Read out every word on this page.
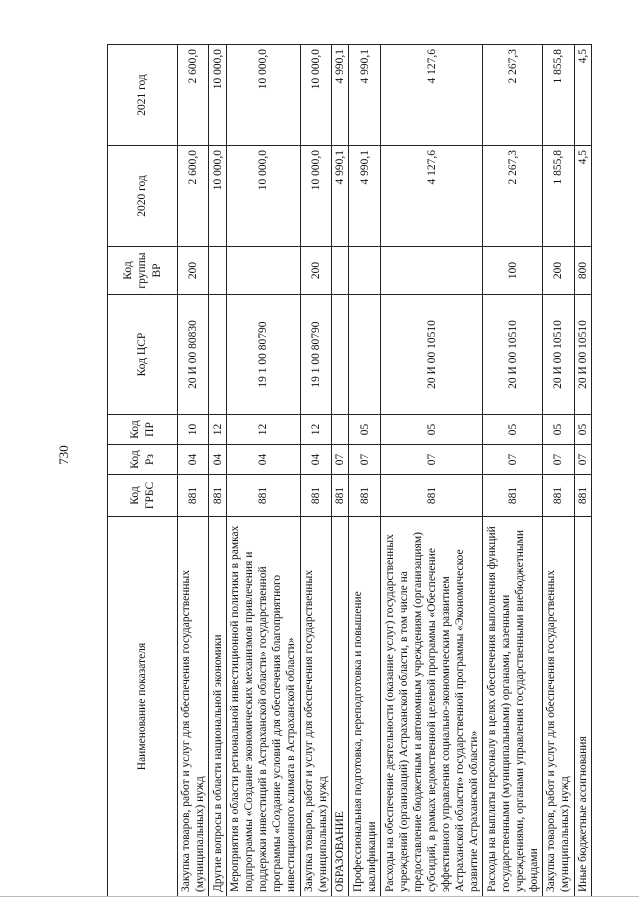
730
Наименование показателя	Код ГРБС	Код Рз	Код ПР	Код ЦСР	Код группы ВР	2020 год	2021 год
Закупка товаров, работ и услуг для обеспечения государственных (муниципальных) нужд	881	04	10	20 И 00 80830	200	2 600,0	2 600,0
Другие вопросы в области национальной экономики	881	04	12			10 000,0	10 000,0
Мероприятия в области региональной инвестиционной политики в рамках подпрограммы «Создание экономических механизмов привлечения и поддержки инвестиций в Астраханской области» государственной программы «Создание условий для обеспечения благоприятного инвестиционного климата в Астраханской области»	881	04	12	19 1 00 80790		10 000,0	10 000,0
Закупка товаров, работ и услуг для обеспечения государственных (муниципальных) нужд	881	04	12	19 1 00 80790	200	10 000,0	10 000,0
ОБРАЗОВАНИЕ	881	07				4 990,1	4 990,1
Профессиональная подготовка, переподготовка и повышение квалификации	881	07	05			4 990,1	4 990,1
Расходы на обеспечение деятельности (оказание услуг) государственных учреждений (организаций) Астраханской области, в том числе на предоставление бюджетным и автономным учреждениям (организациям) субсидий, в рамках ведомственной целевой программы «Обеспечение эффективного управления социально-экономическим развитием Астраханской области» государственной программы «Экономическое развитие Астраханской области»	881	07	05	20 И 00 10510		4 127,6	4 127,6
Расходы на выплаты персоналу в целях обеспечения выполнения функций государственными (муниципальными) органами, казенными учреждениями, органами управления государственными внебюджетными фондами	881	07	05	20 И 00 10510	100	2 267,3	2 267,3
Закупка товаров, работ и услуг для обеспечения государственных (муниципальных) нужд	881	07	05	20 И 00 10510	200	1 855,8	1 855,8
Иные бюджетные ассигнования	881	07	05	20 И 00 10510	800	4,5	4,5
